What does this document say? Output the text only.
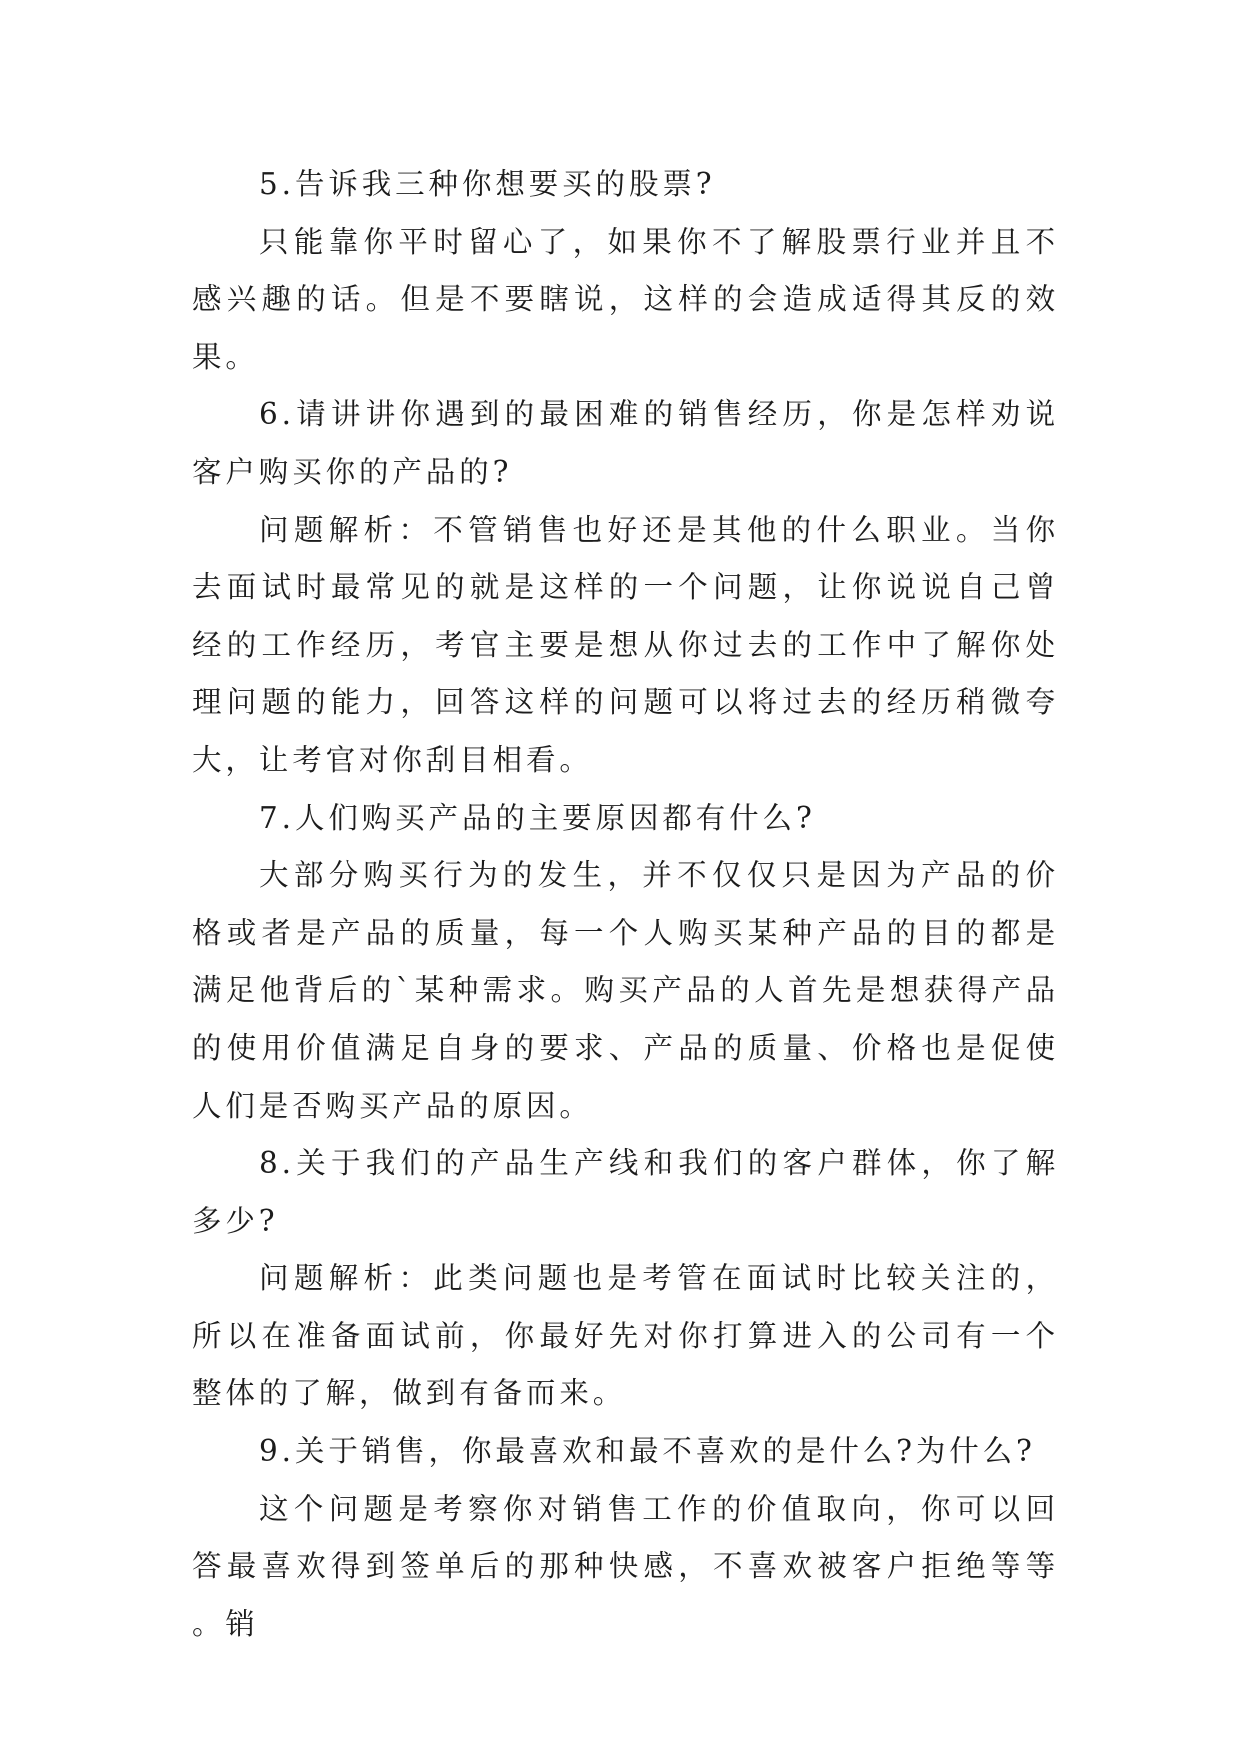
5.告诉我三种你想要买的股票?

只能靠你平时留心了，如果你不了解股票行业并且不感兴趣的话。但是不要瞎说，这样的会造成适得其反的效果。

6.请讲讲你遇到的最困难的销售经历，你是怎样劝说客户购买你的产品的?

问题解析：不管销售也好还是其他的什么职业。当你去面试时最常见的就是这样的一个问题，让你说说自己曾经的工作经历，考官主要是想从你过去的工作中了解你处理问题的能力，回答这样的问题可以将过去的经历稍微夸大，让考官对你刮目相看。

7.人们购买产品的主要原因都有什么?

大部分购买行为的发生，并不仅仅只是因为产品的价格或者是产品的质量，每一个人购买某种产品的目的都是满足他背后的`某种需求。购买产品的人首先是想获得产品的使用价值满足自身的要求、产品的质量、价格也是促使人们是否购买产品的原因。

8.关于我们的产品生产线和我们的客户群体，你了解多少?

问题解析：此类问题也是考管在面试时比较关注的，所以在准备面试前，你最好先对你打算进入的公司有一个整体的了解，做到有备而来。

9.关于销售，你最喜欢和最不喜欢的是什么?为什么?

这个问题是考察你对销售工作的价值取向，你可以回答最喜欢得到签单后的那种快感，不喜欢被客户拒绝等等。销
